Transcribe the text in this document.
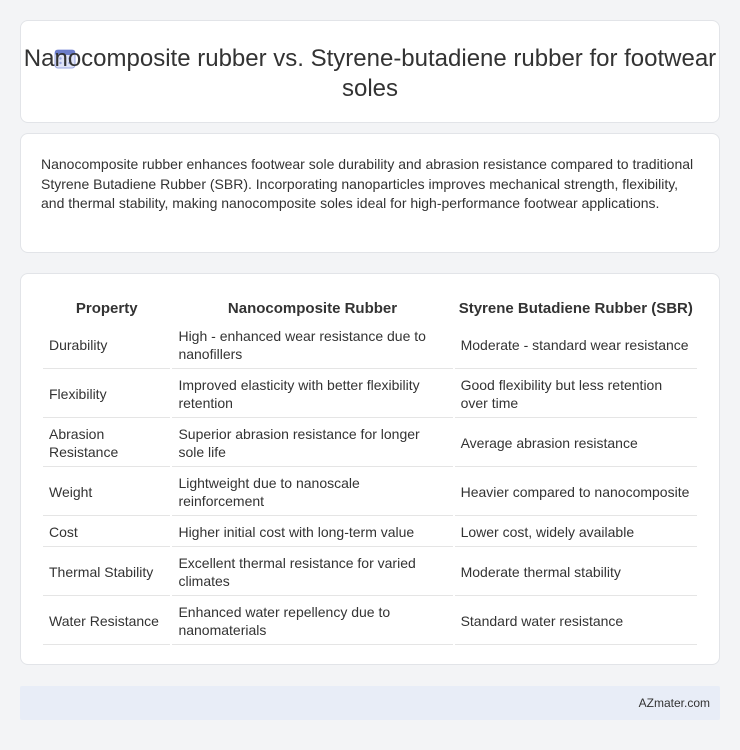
Nanocomposite rubber vs. Styrene-butadiene rubber for footwear soles

Nanocomposite rubber enhances footwear sole durability and abrasion resistance compared to traditional Styrene Butadiene Rubber (SBR). Incorporating nanoparticles improves mechanical strength, flexibility, and thermal stability, making nanocomposite soles ideal for high-performance footwear applications.

Property	Nanocomposite Rubber	Styrene Butadiene Rubber (SBR)
Durability	High - enhanced wear resistance due to nanofillers	Moderate - standard wear resistance
Flexibility	Improved elasticity with better flexibility retention	Good flexibility but less retention over time
Abrasion Resistance	Superior abrasion resistance for longer sole life	Average abrasion resistance
Weight	Lightweight due to nanoscale reinforcement	Heavier compared to nanocomposite
Cost	Higher initial cost with long-term value	Lower cost, widely available
Thermal Stability	Excellent thermal resistance for varied climates	Moderate thermal stability
Water Resistance	Enhanced water repellency due to nanomaterials	Standard water resistance
AZmater.com
